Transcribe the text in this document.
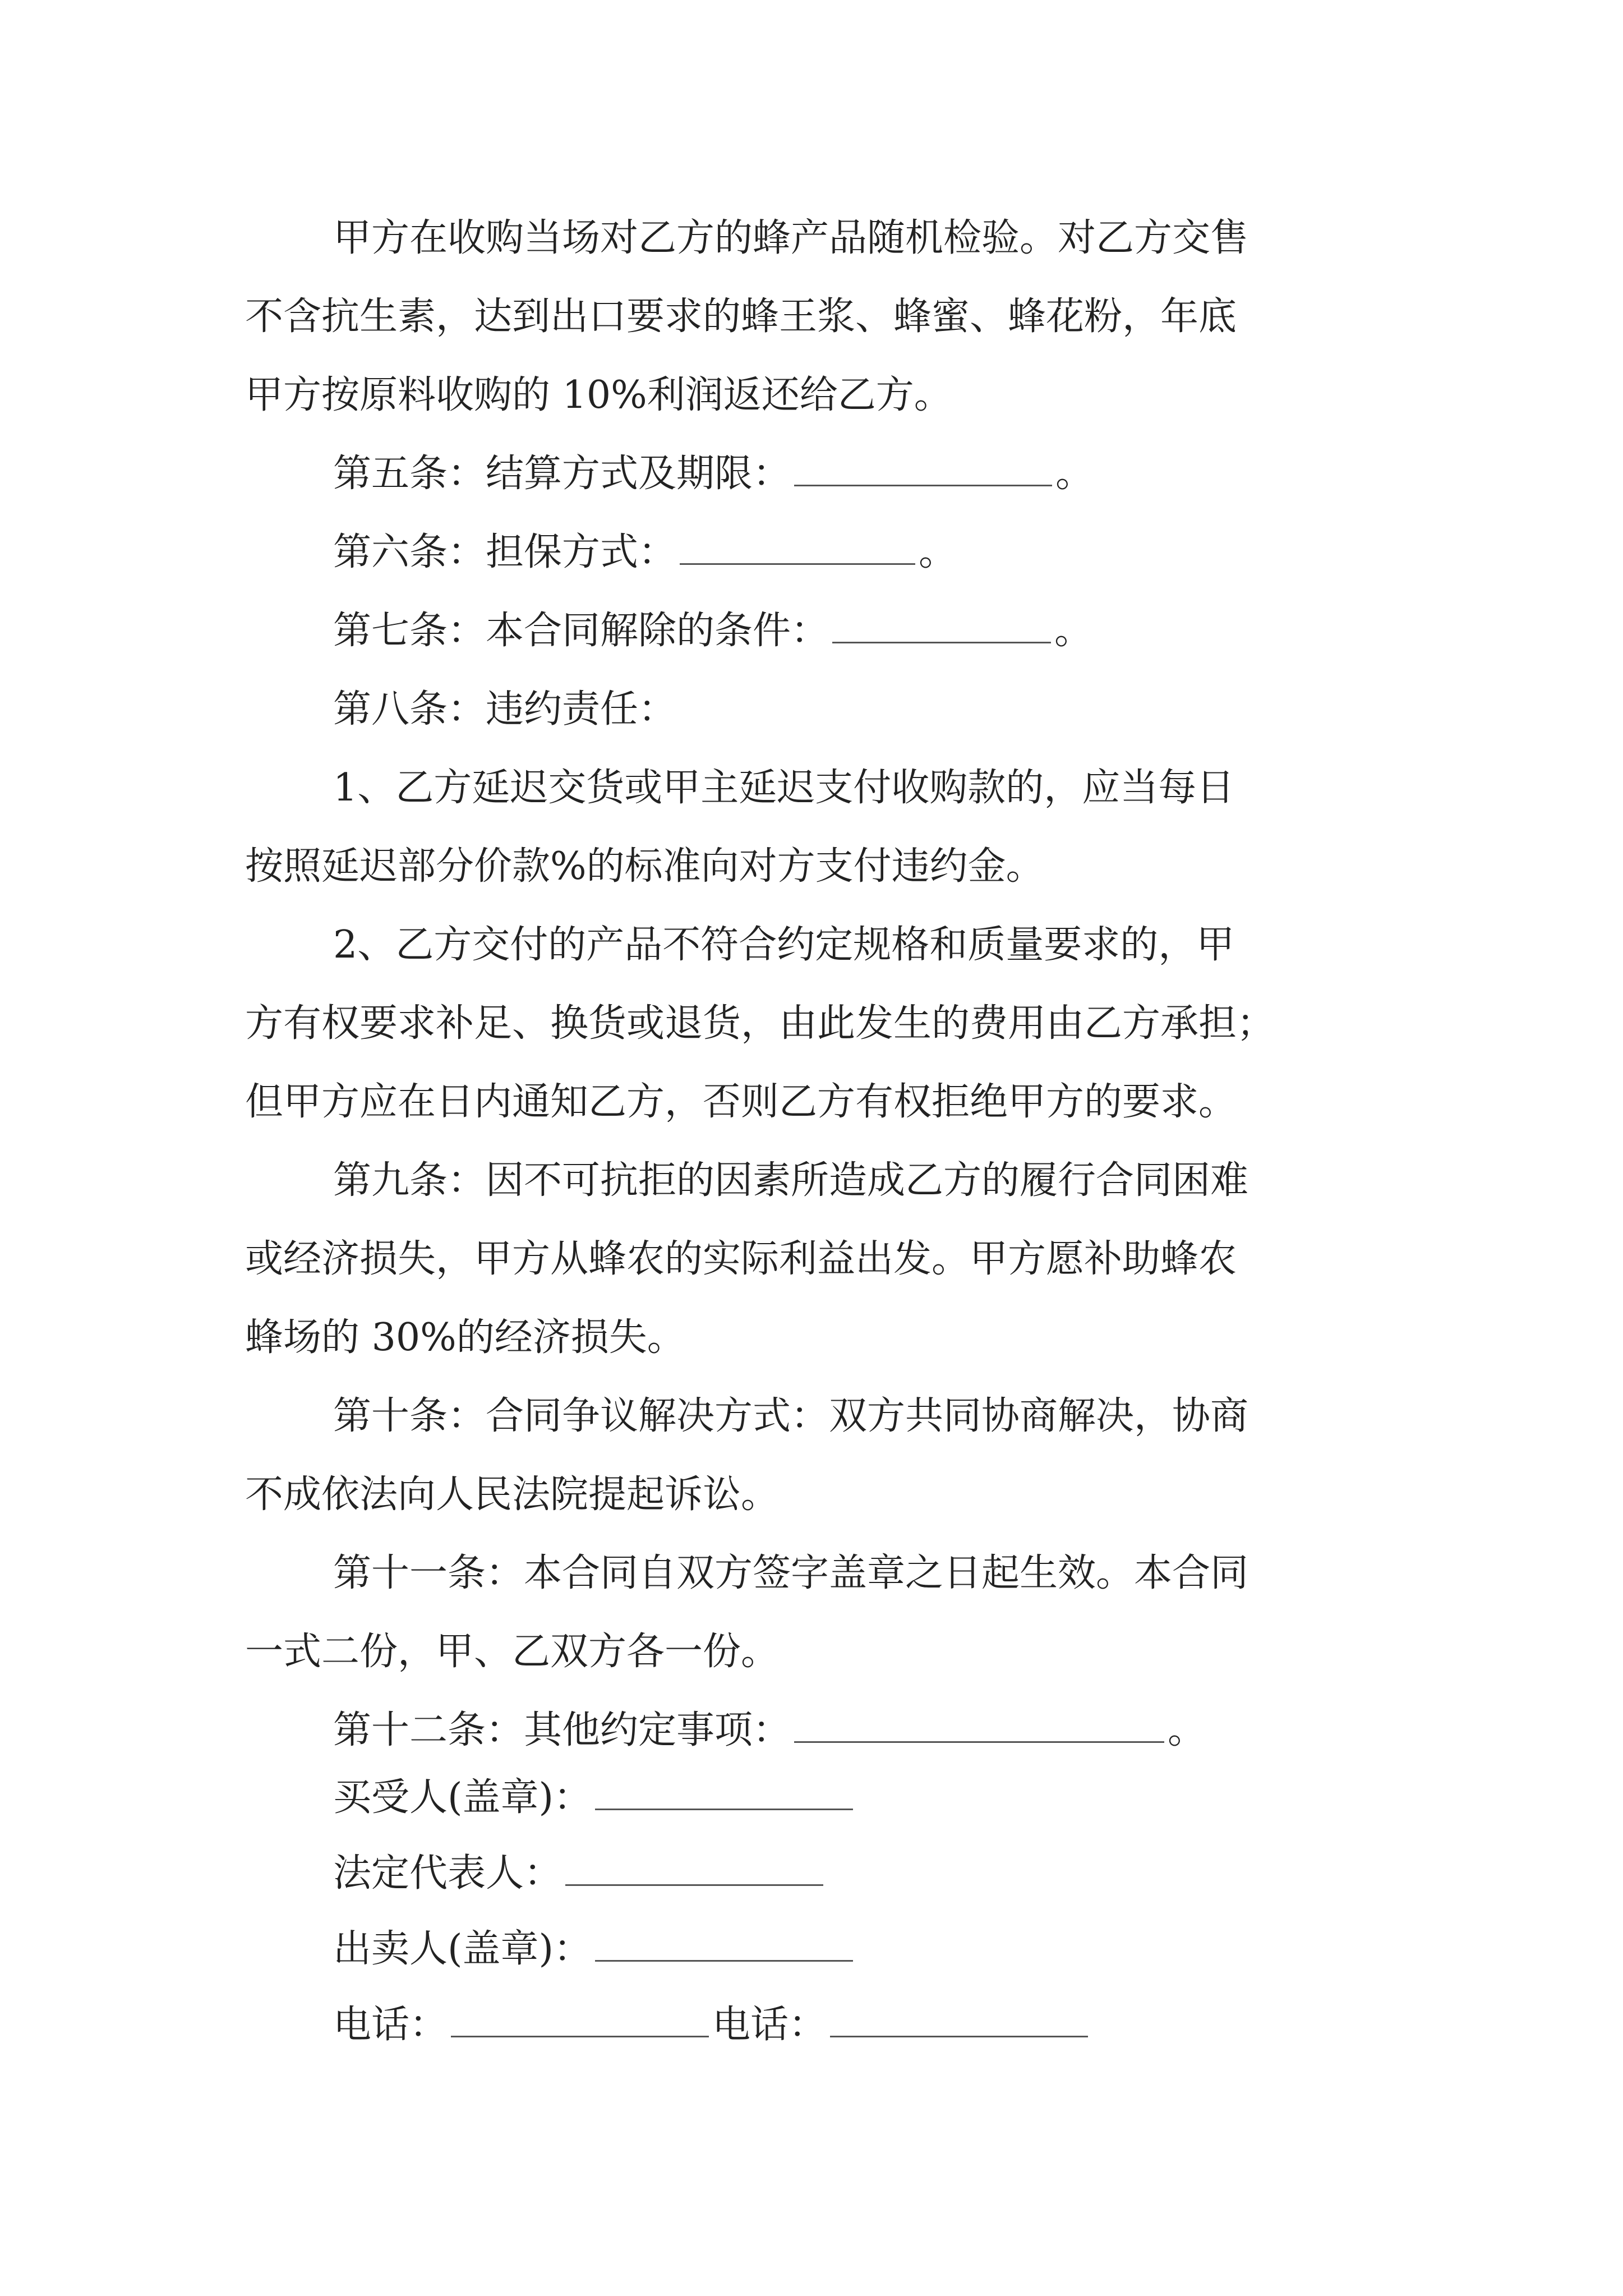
甲方在收购当场对乙方的蜂产品随机检验。对乙方交售
不含抗生素，达到出口要求的蜂王浆、蜂蜜、蜂花粉，年底
甲方按原料收购的 10%利润返还给乙方。
第五条：结算方式及期限：	。
第六条：担保方式：	。
第七条：本合同解除的条件：	。
第八条：违约责任：
1、乙方延迟交货或甲主延迟支付收购款的，应当每日
按照延迟部分价款%的标准向对方支付违约金。
2、乙方交付的产品不符合约定规格和质量要求的，甲
方有权要求补足、换货或退货，由此发生的费用由乙方承担；
但甲方应在日内通知乙方，否则乙方有权拒绝甲方的要求。
第九条：因不可抗拒的因素所造成乙方的履行合同困难
或经济损失，甲方从蜂农的实际利益出发。甲方愿补助蜂农
蜂场的 30%的经济损失。
第十条：合同争议解决方式：双方共同协商解决，协商
不成依法向人民法院提起诉讼。
第十一条：本合同自双方签字盖章之日起生效。本合同
一式二份，甲、乙双方各一份。
第十二条：其他约定事项：	。
买受人(盖章)：
法定代表人：
出卖人(盖章)：
电话：	电话：
